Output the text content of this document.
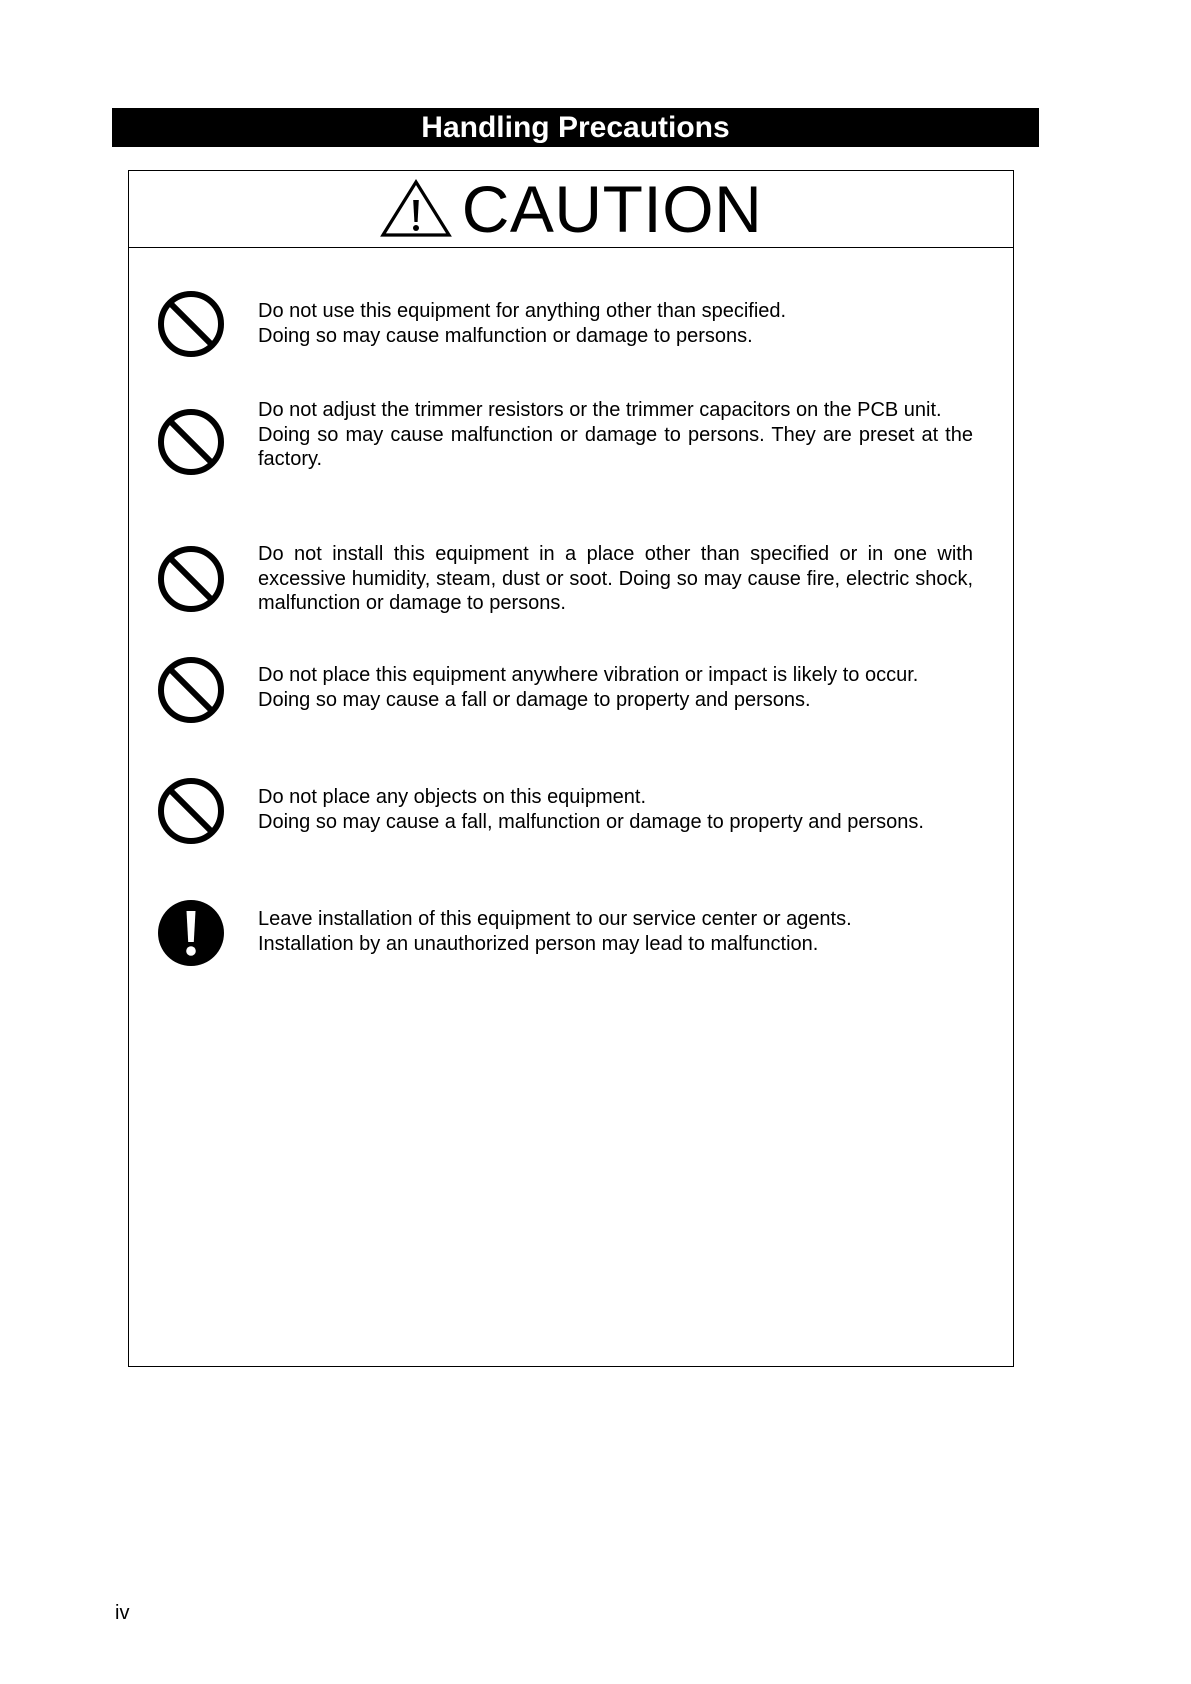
Handling Precautions
CAUTION

Do not use this equipment for anything other than specified.

Doing so may cause malfunction or damage to persons.

Do not adjust the trimmer resistors or the trimmer capacitors on the PCB unit.

Doing so may cause malfunction or damage to persons. They are preset at the factory.

Do not install this equipment in a place other than specified or in one with excessive humidity, steam, dust or soot. Doing so may cause fire, electric shock, malfunction or damage to persons.

Do not place this equipment anywhere vibration or impact is likely to occur.

Doing so may cause a fall or damage to property and persons.

Do not place any objects on this equipment.

Doing so may cause a fall, malfunction or damage to property and persons.

Leave installation of this equipment to our service center or agents.

Installation by an unauthorized person may lead to malfunction.

iv
